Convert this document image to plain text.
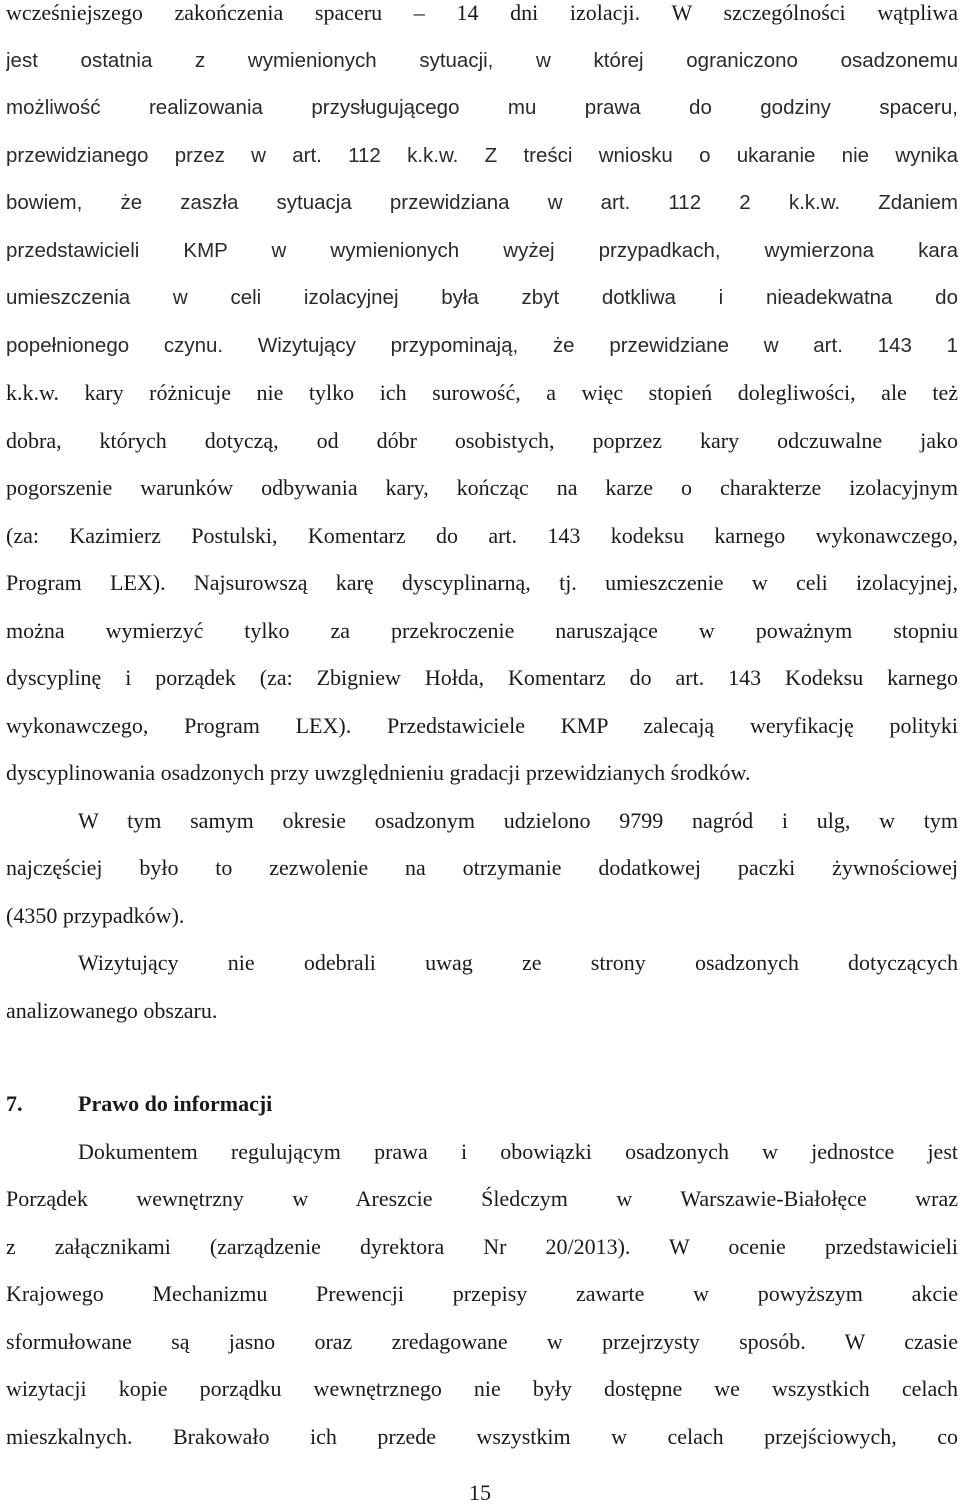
wcześniejszego zakończenia spaceru – 14 dni izolacji. W szczególności wątpliwa
jest ostatnia z wymienionych sytuacji, w której ograniczono osadzonemu
możliwość realizowania przysługującego mu prawa do godziny spaceru,
przewidzianego przez w art. 112 k.k.w. Z treści wniosku o ukaranie nie wynika
bowiem, że zaszła sytuacja przewidziana w art. 112 2 k.k.w. Zdaniem
przedstawicieli KMP w wymienionych wyżej przypadkach, wymierzona kara
umieszczenia w celi izolacyjnej była zbyt dotkliwa i nieadekwatna do
popełnionego czynu. Wizytujący przypominają, że przewidziane w art. 143 1
k.k.w. kary różnicuje nie tylko ich surowość, a więc stopień dolegliwości, ale też
dobra, których dotyczą, od dóbr osobistych, poprzez kary odczuwalne jako
pogorszenie warunków odbywania kary, kończąc na karze o charakterze izolacyjnym
(za: Kazimierz Postulski, Komentarz do art. 143 kodeksu karnego wykonawczego,
Program LEX). Najsurowszą karę dyscyplinarną, tj. umieszczenie w celi izolacyjnej,
można wymierzyć tylko za przekroczenie naruszające w poważnym stopniu
dyscyplinę i porządek (za: Zbigniew Hołda, Komentarz do art. 143 Kodeksu karnego
wykonawczego, Program LEX). Przedstawiciele KMP zalecają weryfikację polityki
dyscyplinowania osadzonych przy uwzględnieniu gradacji przewidzianych środków.
W tym samym okresie osadzonym udzielono 9799 nagród i ulg, w tym
najczęściej było to zezwolenie na otrzymanie dodatkowej paczki żywnościowej
(4350 przypadków).
Wizytujący nie odebrali uwag ze strony osadzonych dotyczących
analizowanego obszaru.
7.	Prawo do informacji
Dokumentem regulującym prawa i obowiązki osadzonych w jednostce jest
Porządek wewnętrzny w Areszcie Śledczym w Warszawie-Białołęce wraz
z załącznikami (zarządzenie dyrektora Nr 20/2013). W ocenie przedstawicieli
Krajowego Mechanizmu Prewencji przepisy zawarte w powyższym akcie
sformułowane są jasno oraz zredagowane w przejrzysty sposób. W czasie
wizytacji kopie porządku wewnętrznego nie były dostępne we wszystkich celach
mieszkalnych. Brakowało ich przede wszystkim w celach przejściowych, co
15
